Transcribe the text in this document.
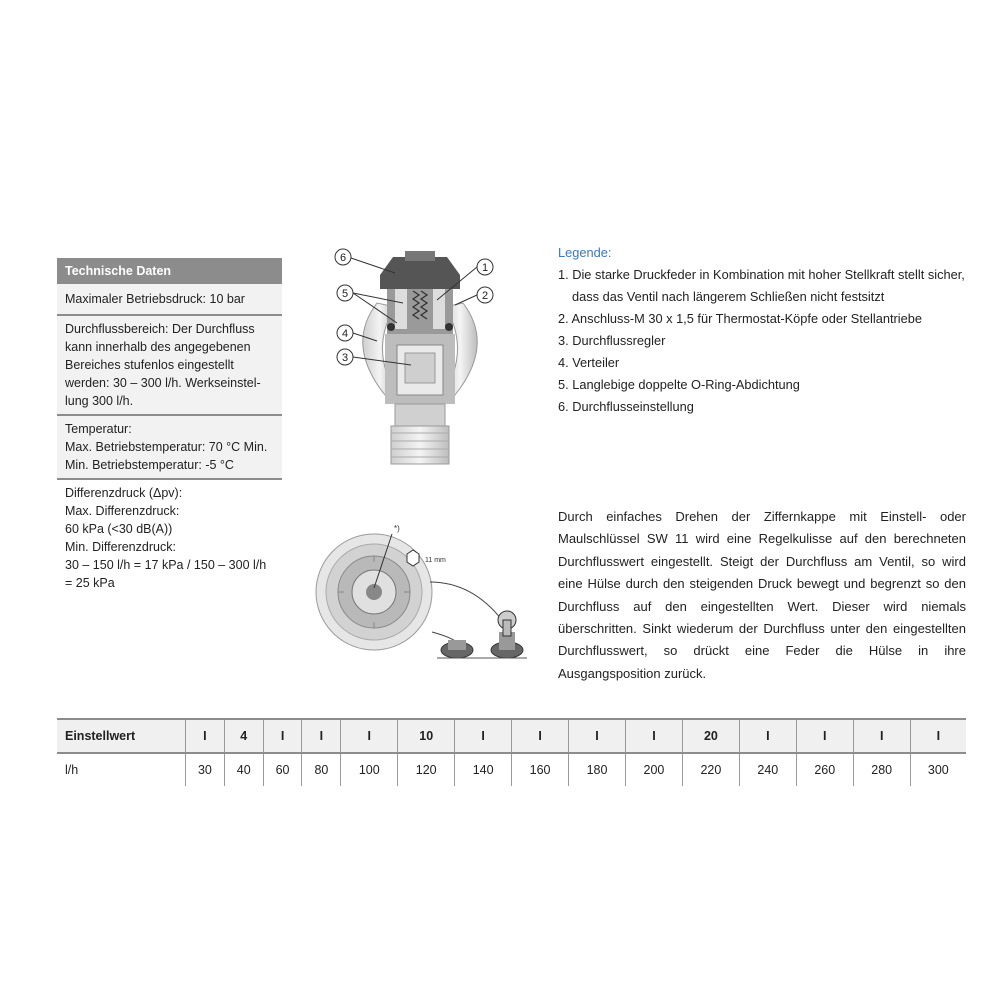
Technische Daten
Maximaler Betriebsdruck: 10 bar
Durchflussbereich: Der Durchfluss
kann innerhalb des angegebenen
Bereiches stufenlos eingestellt
werden: 30 – 300 l/h. Werkseinstel-
lung 300 l/h.
Temperatur:
Max. Betriebstemperatur: 70 °C Min.
Min. Betriebstemperatur: -5 °C
Differenzdruck (Δpv):
Max. Differenzdruck:
60 kPa (<30 dB(A))
Min. Differenzdruck:
30 – 150 l/h = 17 kPa / 150 – 300 l/h
= 25 kPa
6
5
4
3
1
2
*)
11 mm
Legende:
1. Die starke Druckfeder in Kombination mit hoher Stellkraft stellt sicher,
dass das Ventil nach längerem Schließen nicht festsitzt
2. Anschluss-M 30 x 1,5 für Thermostat-Köpfe oder Stellantriebe
3. Durchflussregler
4. Verteiler
5. Langlebige doppelte O-Ring-Abdichtung
6. Durchflusseinstellung
Durch einfaches Drehen der Ziffernkappe mit Einstell- oder Maulschlüssel SW 11 wird eine Regelkulisse auf den berechneten Durchflusswert eingestellt. Steigt der Durchfluss am Ventil, so wird eine Hülse durch den steigenden Druck bewegt und begrenzt so den Durchfluss auf den eingestellten Wert. Dieser wird niemals überschritten. Sinkt wiederum der Durchfluss unter den eingestellten Durchflusswert, so drückt eine Feder die Hülse in ihre Ausgangsposition zurück.
Einstellwert	I	4	I	I	I	10	I	I	I	I	20	I	I	I	I
l/h	30	40	60	80	100	120	140	160	180	200	220	240	260	280	300
